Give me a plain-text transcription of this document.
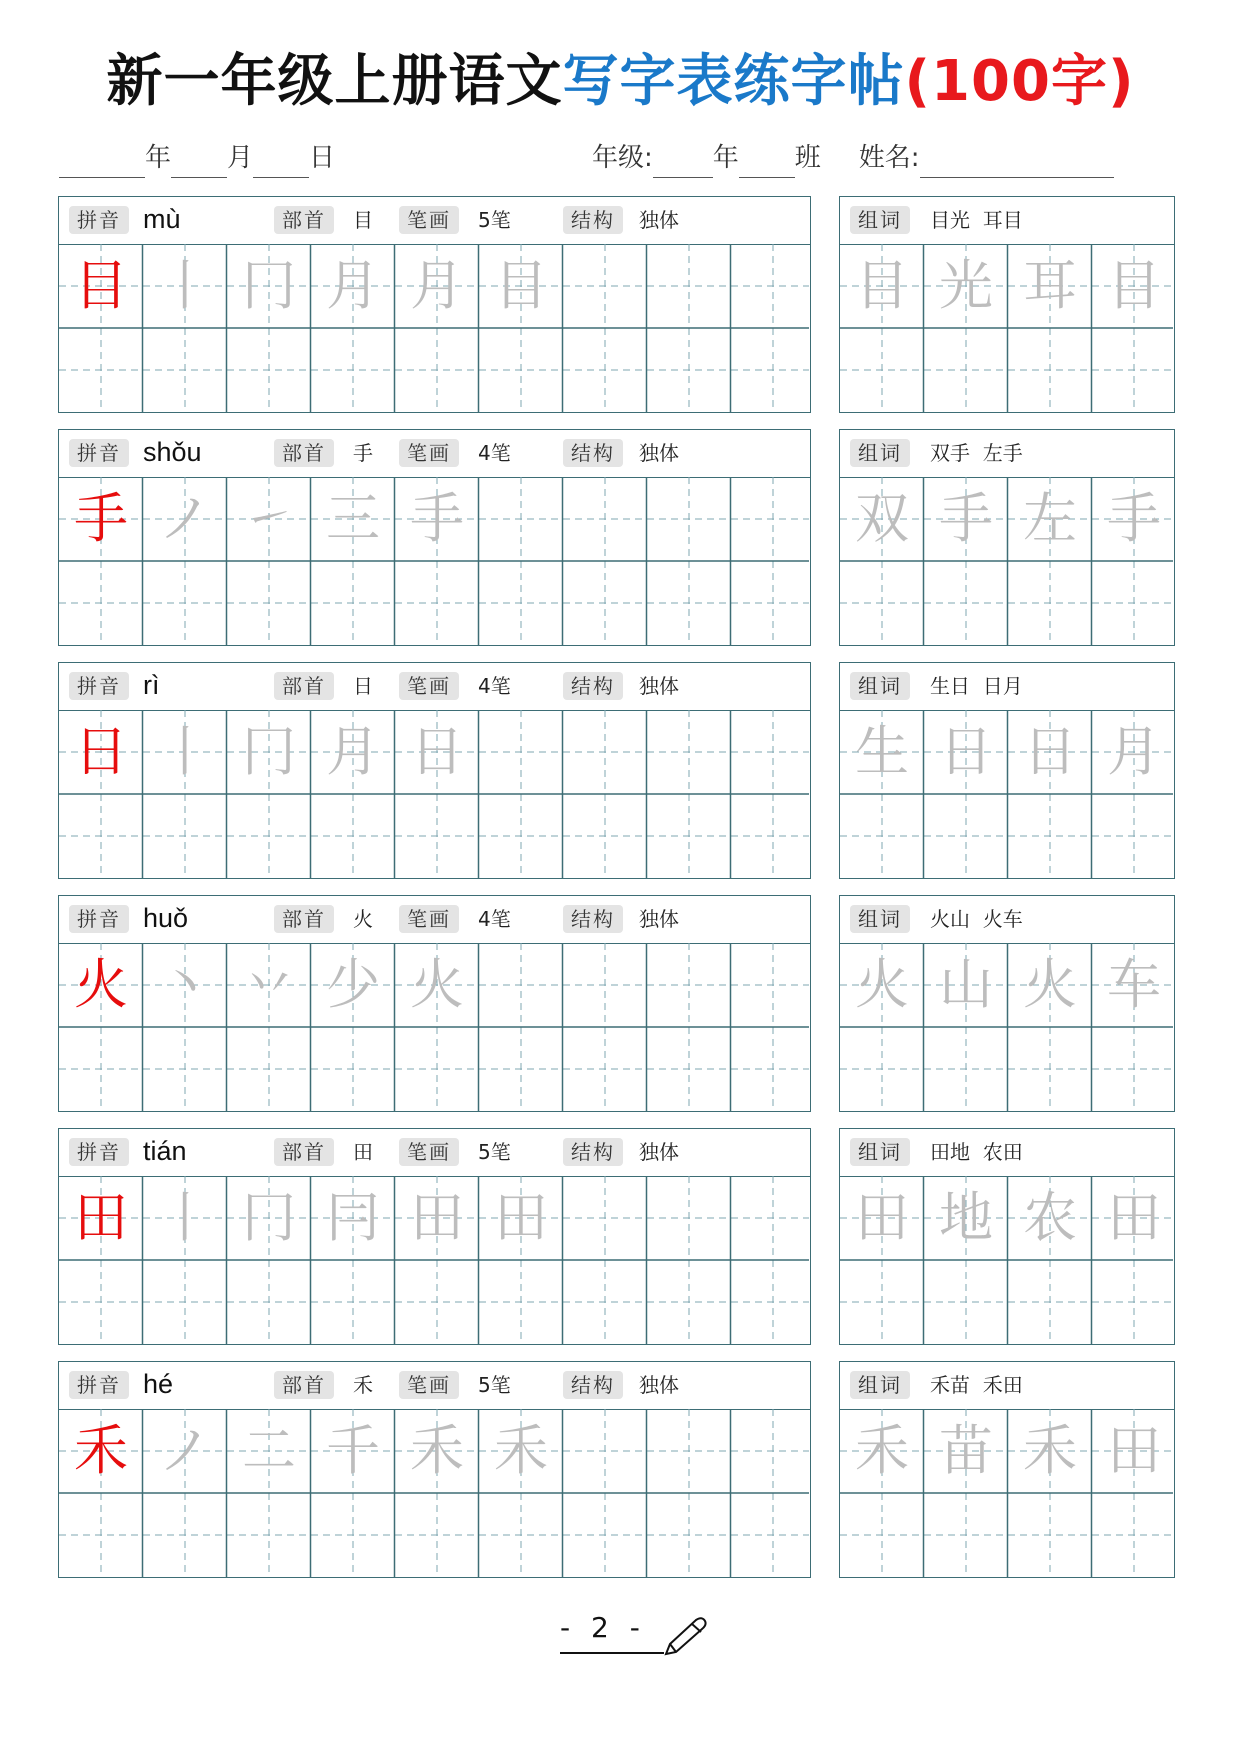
新一年级上册语文写字表练字帖(100字)
年 月 日	年级: 年 班 姓名:
拼音 mù	部首	目	笔画	5笔	结构	独体
目 丨 冂 月 月 目
组词	目光  耳目
目 光 耳 目
拼音 shǒu	部首	手	笔画	4笔	结构	独体
手 ノ ㇀ 三 手
组词	双手  左手
双 手 左 手
拼音 rì	部首	日	笔画	4笔	结构	独体
日 丨 冂 月 日
组词	生日  日月
生 日 日 月
拼音 huǒ	部首	火	笔画	4笔	结构	独体
火 丶 丷 少 火
组词	火山  火车
火 山 火 车
拼音 tián	部首	田	笔画	5笔	结构	独体
田 丨 冂 冃 田 田
组词	田地  农田
田 地 农 田
拼音 hé	部首	禾	笔画	5笔	结构	独体
禾 ノ 二 千 禾 禾
组词	禾苗  禾田
禾 苗 禾 田
- 2 -
